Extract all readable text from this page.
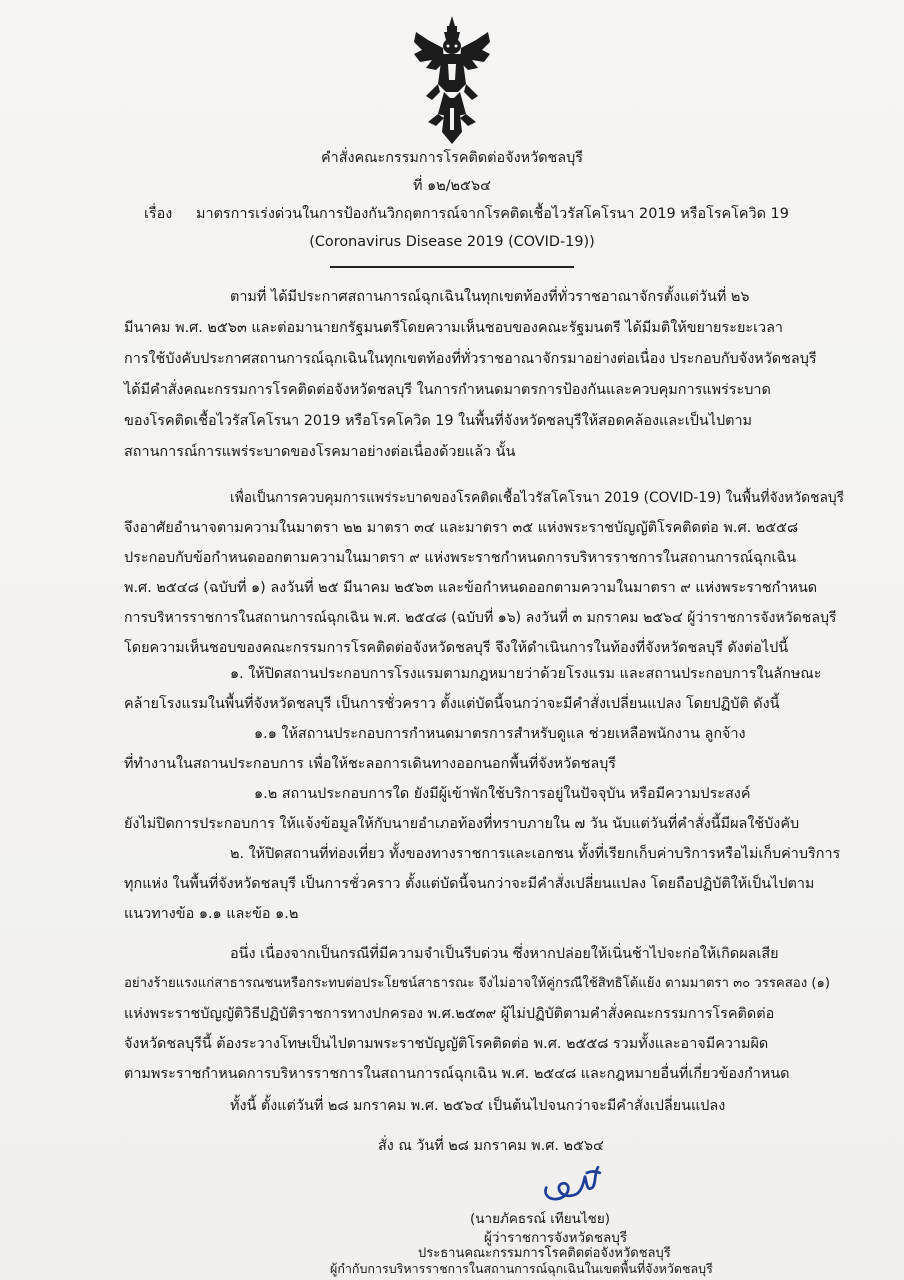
คำสั่งคณะกรรมการโรคติดต่อจังหวัดชลบุรี
ที่ ๑๒/๒๕๖๔
เรื่อง มาตรการเร่งด่วนในการป้องกันวิกฤตการณ์จากโรคติดเชื้อไวรัสโคโรนา 2019 หรือโรคโควิด 19
(Coronavirus Disease 2019 (COVID-19))
ตามที่ ได้มีประกาศสถานการณ์ฉุกเฉินในทุกเขตท้องที่ทั่วราชอาณาจักรตั้งแต่วันที่ ๒๖
มีนาคม พ.ศ. ๒๕๖๓ และต่อมานายกรัฐมนตรีโดยความเห็นชอบของคณะรัฐมนตรี ได้มีมติให้ขยายระยะเวลา
การใช้บังคับประกาศสถานการณ์ฉุกเฉินในทุกเขตท้องที่ทั่วราชอาณาจักรมาอย่างต่อเนื่อง ประกอบกับจังหวัดชลบุรี
ได้มีคำสั่งคณะกรรมการโรคติดต่อจังหวัดชลบุรี ในการกำหนดมาตรการป้องกันและควบคุมการแพร่ระบาด
ของโรคติดเชื้อไวรัสโคโรนา 2019 หรือโรคโควิด 19 ในพื้นที่จังหวัดชลบุรีให้สอดคล้องและเป็นไปตาม
สถานการณ์การแพร่ระบาดของโรคมาอย่างต่อเนื่องด้วยแล้ว นั้น
เพื่อเป็นการควบคุมการแพร่ระบาดของโรคติดเชื้อไวรัสโคโรนา 2019 (COVID-19) ในพื้นที่จังหวัดชลบุรี
จึงอาศัยอำนาจตามความในมาตรา ๒๒ มาตรา ๓๔ และมาตรา ๓๕ แห่งพระราชบัญญัติโรคติดต่อ พ.ศ. ๒๕๕๘
ประกอบกับข้อกำหนดออกตามความในมาตรา ๙ แห่งพระราชกำหนดการบริหารราชการในสถานการณ์ฉุกเฉิน
พ.ศ. ๒๕๔๘ (ฉบับที่ ๑) ลงวันที่ ๒๕ มีนาคม ๒๕๖๓ และข้อกำหนดออกตามความในมาตรา ๙ แห่งพระราชกำหนด
การบริหารราชการในสถานการณ์ฉุกเฉิน พ.ศ. ๒๕๔๘ (ฉบับที่ ๑๖) ลงวันที่ ๓ มกราคม ๒๕๖๔ ผู้ว่าราชการจังหวัดชลบุรี
โดยความเห็นชอบของคณะกรรมการโรคติดต่อจังหวัดชลบุรี จึงให้ดำเนินการในท้องที่จังหวัดชลบุรี ดังต่อไปนี้
๑. ให้ปิดสถานประกอบการโรงแรมตามกฎหมายว่าด้วยโรงแรม และสถานประกอบการในลักษณะ
คล้ายโรงแรมในพื้นที่จังหวัดชลบุรี เป็นการชั่วคราว ตั้งแต่บัดนี้จนกว่าจะมีคำสั่งเปลี่ยนแปลง โดยปฏิบัติ ดังนี้
๑.๑ ให้สถานประกอบการกำหนดมาตรการสำหรับดูแล ช่วยเหลือพนักงาน ลูกจ้าง
ที่ทำงานในสถานประกอบการ เพื่อให้ชะลอการเดินทางออกนอกพื้นที่จังหวัดชลบุรี
๑.๒ สถานประกอบการใด ยังมีผู้เข้าพักใช้บริการอยู่ในปัจจุบัน หรือมีความประสงค์
ยังไม่ปิดการประกอบการ ให้แจ้งข้อมูลให้กับนายอำเภอท้องที่ทราบภายใน ๗ วัน นับแต่วันที่คำสั่งนี้มีผลใช้บังคับ
๒. ให้ปิดสถานที่ท่องเที่ยว ทั้งของทางราชการและเอกชน ทั้งที่เรียกเก็บค่าบริการหรือไม่เก็บค่าบริการ
ทุกแห่ง ในพื้นที่จังหวัดชลบุรี เป็นการชั่วคราว ตั้งแต่บัดนี้จนกว่าจะมีคำสั่งเปลี่ยนแปลง โดยถือปฏิบัติให้เป็นไปตาม
แนวทางข้อ ๑.๑ และข้อ ๑.๒
อนึ่ง เนื่องจากเป็นกรณีที่มีความจำเป็นรีบด่วน ซึ่งหากปล่อยให้เนิ่นช้าไปจะก่อให้เกิดผลเสีย
อย่างร้ายแรงแก่สาธารณชนหรือกระทบต่อประโยชน์สาธารณะ จึงไม่อาจให้คู่กรณีใช้สิทธิโต้แย้ง ตามมาตรา ๓๐ วรรคสอง (๑)
แห่งพระราชบัญญัติวิธีปฏิบัติราชการทางปกครอง พ.ศ.๒๕๓๙ ผู้ไม่ปฏิบัติตามคำสั่งคณะกรรมการโรคติดต่อ
จังหวัดชลบุรีนี้ ต้องระวางโทษเป็นไปตามพระราชบัญญัติโรคติดต่อ พ.ศ. ๒๕๕๘ รวมทั้งและอาจมีความผิด
ตามพระราชกำหนดการบริหารราชการในสถานการณ์ฉุกเฉิน พ.ศ. ๒๕๔๘ และกฎหมายอื่นที่เกี่ยวข้องกำหนด
ทั้งนี้ ตั้งแต่วันที่ ๒๘ มกราคม พ.ศ. ๒๕๖๔ เป็นต้นไปจนกว่าจะมีคำสั่งเปลี่ยนแปลง
สั่ง ณ วันที่ ๒๘ มกราคม พ.ศ. ๒๕๖๔
(นายภัคธรณ์ เทียนไชย)
ผู้ว่าราชการจังหวัดชลบุรี
ประธานคณะกรรมการโรคติดต่อจังหวัดชลบุรี
ผู้กำกับการบริหารราชการในสถานการณ์ฉุกเฉินในเขตพื้นที่จังหวัดชลบุรี
